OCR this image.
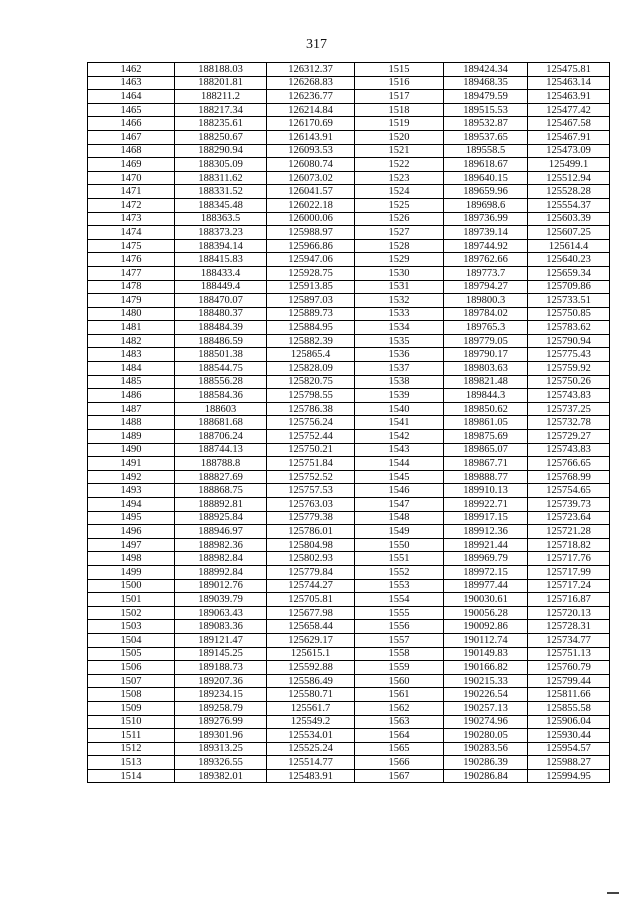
317
1462	188188.03	126312.37	1515	189424.34	125475.81
1463	188201.81	126268.83	1516	189468.35	125463.14
1464	188211.2	126236.77	1517	189479.59	125463.91
1465	188217.34	126214.84	1518	189515.53	125477.42
1466	188235.61	126170.69	1519	189532.87	125467.58
1467	188250.67	126143.91	1520	189537.65	125467.91
1468	188290.94	126093.53	1521	189558.5	125473.09
1469	188305.09	126080.74	1522	189618.67	125499.1
1470	188311.62	126073.02	1523	189640.15	125512.94
1471	188331.52	126041.57	1524	189659.96	125528.28
1472	188345.48	126022.18	1525	189698.6	125554.37
1473	188363.5	126000.06	1526	189736.99	125603.39
1474	188373.23	125988.97	1527	189739.14	125607.25
1475	188394.14	125966.86	1528	189744.92	125614.4
1476	188415.83	125947.06	1529	189762.66	125640.23
1477	188433.4	125928.75	1530	189773.7	125659.34
1478	188449.4	125913.85	1531	189794.27	125709.86
1479	188470.07	125897.03	1532	189800.3	125733.51
1480	188480.37	125889.73	1533	189784.02	125750.85
1481	188484.39	125884.95	1534	189765.3	125783.62
1482	188486.59	125882.39	1535	189779.05	125790.94
1483	188501.38	125865.4	1536	189790.17	125775.43
1484	188544.75	125828.09	1537	189803.63	125759.92
1485	188556.28	125820.75	1538	189821.48	125750.26
1486	188584.36	125798.55	1539	189844.3	125743.83
1487	188603	125786.38	1540	189850.62	125737.25
1488	188681.68	125756.24	1541	189861.05	125732.78
1489	188706.24	125752.44	1542	189875.69	125729.27
1490	188744.13	125750.21	1543	189865.07	125743.83
1491	188788.8	125751.84	1544	189867.71	125766.65
1492	188827.69	125752.52	1545	189888.77	125768.99
1493	188868.75	125757.53	1546	189910.13	125754.65
1494	188892.81	125763.03	1547	189922.71	125739.73
1495	188925.84	125779.38	1548	189917.15	125723.64
1496	188946.97	125786.01	1549	189912.36	125721.28
1497	188982.36	125804.98	1550	189921.44	125718.82
1498	188982.84	125802.93	1551	189969.79	125717.76
1499	188992.84	125779.84	1552	189972.15	125717.99
1500	189012.76	125744.27	1553	189977.44	125717.24
1501	189039.79	125705.81	1554	190030.61	125716.87
1502	189063.43	125677.98	1555	190056.28	125720.13
1503	189083.36	125658.44	1556	190092.86	125728.31
1504	189121.47	125629.17	1557	190112.74	125734.77
1505	189145.25	125615.1	1558	190149.83	125751.13
1506	189188.73	125592.88	1559	190166.82	125760.79
1507	189207.36	125586.49	1560	190215.33	125799.44
1508	189234.15	125580.71	1561	190226.54	125811.66
1509	189258.79	125561.7	1562	190257.13	125855.58
1510	189276.99	125549.2	1563	190274.96	125906.04
1511	189301.96	125534.01	1564	190280.05	125930.44
1512	189313.25	125525.24	1565	190283.56	125954.57
1513	189326.55	125514.77	1566	190286.39	125988.27
1514	189382.01	125483.91	1567	190286.84	125994.95
